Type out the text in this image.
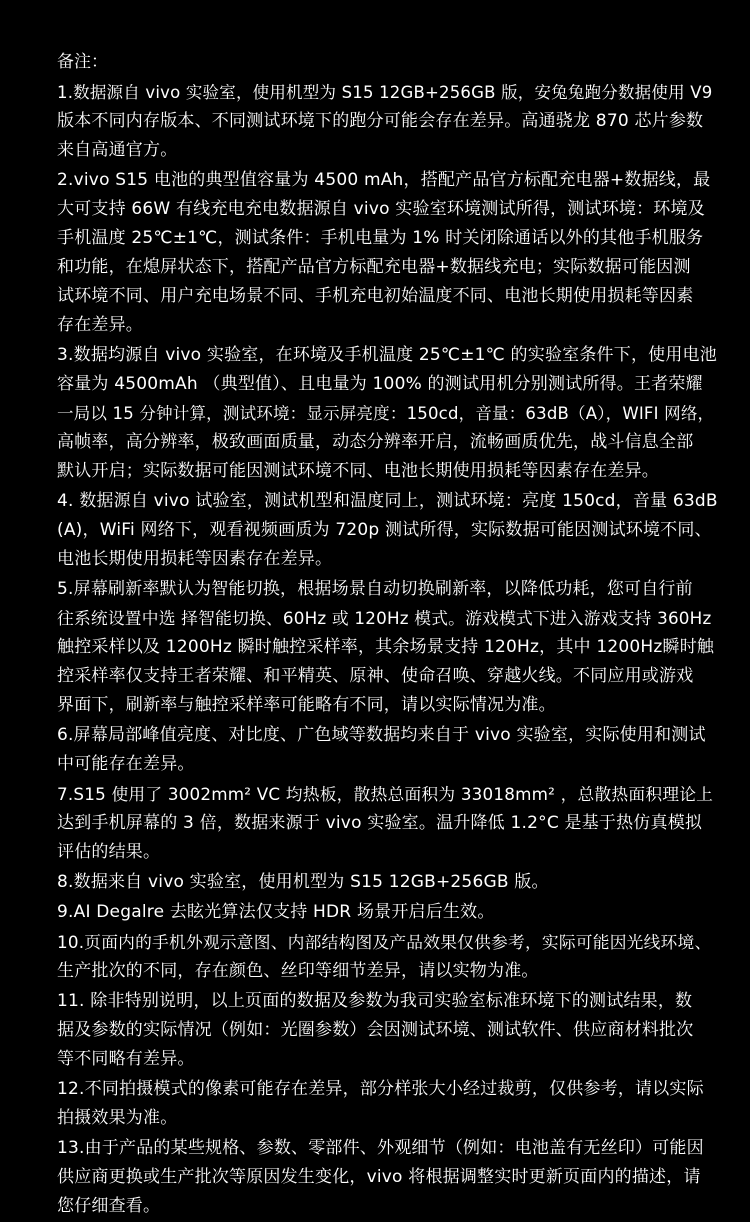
备注：
1.数据源自 vivo 实验室，使用机型为 S15 12GB+256GB 版，安兔兔跑分数据使用 V9
版本不同内存版本、不同测试环境下的跑分可能会存在差异。高通骁龙 870 芯片参数
来自高通官方。
2.vivo S15 电池的典型值容量为 4500 mAh，搭配产品官方标配充电器+数据线，最
大可支持 66W 有线充电充电数据源自 vivo 实验室环境测试所得，测试环境：环境及
手机温度 25℃±1℃，测试条件：手机电量为 1% 时关闭除通话以外的其他手机服务
和功能，在熄屏状态下，搭配产品官方标配充电器+数据线充电；实际数据可能因测
试环境不同、用户充电场景不同、手机充电初始温度不同、电池长期使用损耗等因素
存在差异。
3.数据均源自 vivo 实验室，在环境及手机温度 25℃±1℃ 的实验室条件下，使用电池
容量为 4500mAh （典型值）、且电量为 100% 的测试用机分别测试所得。王者荣耀
一局以 15 分钟计算，测试环境：显示屏亮度：150cd，音量：63dB（A），WIFI 网络，
高帧率，高分辨率，极致画面质量，动态分辨率开启，流畅画质优先，战斗信息全部
默认开启；实际数据可能因测试环境不同、电池长期使用损耗等因素存在差异。
4. 数据源自 vivo 试验室，测试机型和温度同上，测试环境：亮度 150cd，音量 63dB
(A)，WiFi 网络下，观看视频画质为 720p 测试所得，实际数据可能因测试环境不同、
电池长期使用损耗等因素存在差异。
5.屏幕刷新率默认为智能切换，根据场景自动切换刷新率，以降低功耗，您可自行前
往系统设置中选 择智能切换、60Hz 或 120Hz 模式。游戏模式下进入游戏支持 360Hz
触控采样以及 1200Hz 瞬时触控采样率，其余场景支持 120Hz，其中 1200Hz瞬时触
控采样率仅支持王者荣耀、和平精英、原神、使命召唤、穿越火线。不同应用或游戏
界面下，刷新率与触控采样率可能略有不同，请以实际情况为准。
6.屏幕局部峰值亮度、对比度、广色域等数据均来自于 vivo 实验室，实际使用和测试
中可能存在差异。
7.S15 使用了 3002mm² VC 均热板，散热总面积为 33018mm² ，总散热面积理论上
达到手机屏幕的 3 倍，数据来源于 vivo 实验室。温升降低 1.2°C 是基于热仿真模拟
评估的结果。
8.数据来自 vivo 实验室，使用机型为 S15 12GB+256GB 版。
9.AI Degalre 去眩光算法仅支持 HDR 场景开启后生效。
10.页面内的手机外观示意图、内部结构图及产品效果仅供参考，实际可能因光线环境、
生产批次的不同，存在颜色、丝印等细节差异，请以实物为准。
11. 除非特别说明，以上页面的数据及参数为我司实验室标准环境下的测试结果，数
据及参数的实际情况（例如：光圈参数）会因测试环境、测试软件、供应商材料批次
等不同略有差异。
12.不同拍摄模式的像素可能存在差异，部分样张大小经过裁剪，仅供参考，请以实际
拍摄效果为准。
13.由于产品的某些规格、参数、零部件、外观细节（例如：电池盖有无丝印）可能因
供应商更换或生产批次等原因发生变化，vivo 将根据调整实时更新页面内的描述，请
您仔细查看。
